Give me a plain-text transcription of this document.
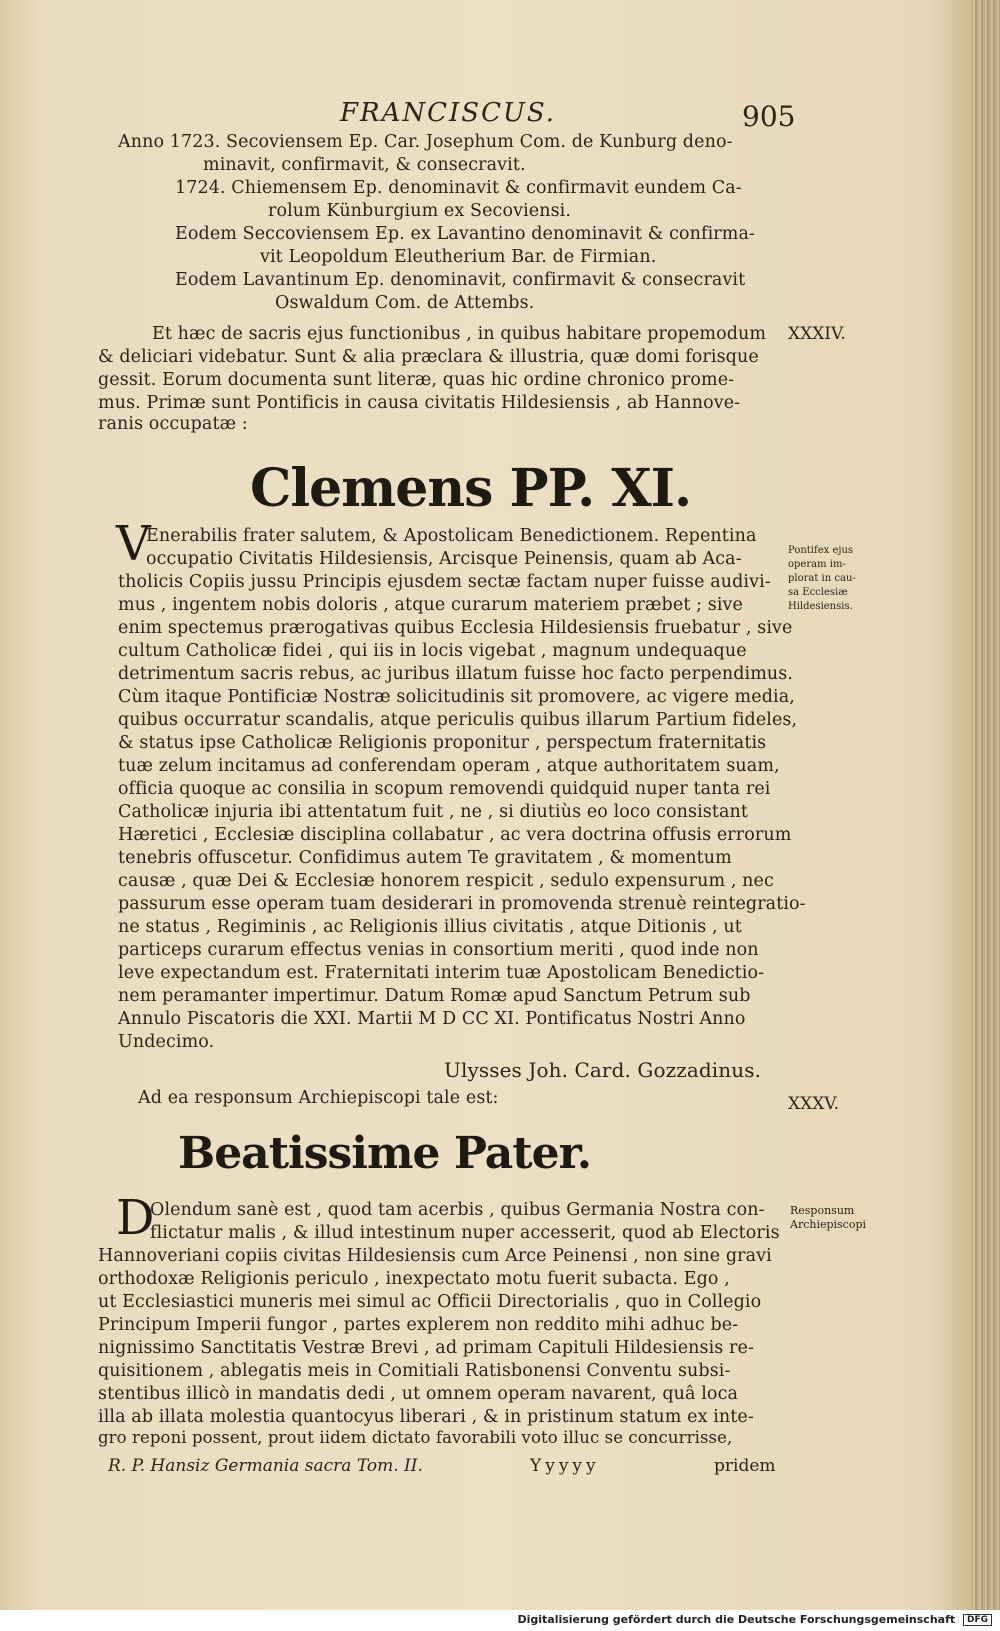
FRANCISCUS.	905
Anno 1723. Secoviensem Ep. Car. Josephum Com. de Kunburg deno-
minavit, confirmavit, & consecravit.
1724. Chiemensem Ep. denominavit & confirmavit eundem Ca-
rolum Künburgium ex Secoviensi.
Eodem Seccoviensem Ep. ex Lavantino denominavit & confirma-
vit Leopoldum Eleutherium Bar. de Firmian.
Eodem Lavantinum Ep. denominavit, confirmavit & consecravit
Oswaldum Com. de Attembs.
Et hæc de sacris ejus functionibus , in quibus habitare propemodum
& deliciari videbatur. Sunt & alia præclara & illustria, quæ domi forisque
gessit. Eorum documenta sunt literæ, quas hic ordine chronico prome-
mus. Primæ sunt Pontificis in causa civitatis Hildesiensis , ab Hannove-
ranis occupatæ :
XXXIV.
Clemens PP. XI.
V
Enerabilis frater salutem, & Apostolicam Benedictionem. Repentina
occupatio Civitatis Hildesiensis, Arcisque Peinensis, quam ab Aca-
tholicis Copiis jussu Principis ejusdem sectæ factam nuper fuisse audivi-
mus , ingentem nobis doloris , atque curarum materiem præbet ; sive
enim spectemus prærogativas quibus Ecclesia Hildesiensis fruebatur , sive
cultum Catholicæ fidei , qui iis in locis vigebat , magnum undequaque
detrimentum sacris rebus, ac juribus illatum fuisse hoc facto perpendimus.
Cùm itaque Pontificiæ Nostræ solicitudinis sit promovere, ac vigere media,
quibus occurratur scandalis, atque periculis quibus illarum Partium fideles,
& status ipse Catholicæ Religionis proponitur , perspectum fraternitatis
tuæ zelum incitamus ad conferendam operam , atque authoritatem suam,
officia quoque ac consilia in scopum removendi quidquid nuper tanta rei
Catholicæ injuria ibi attentatum fuit , ne , si diutiùs eo loco consistant
Hæretici , Ecclesiæ disciplina collabatur , ac vera doctrina offusis errorum
tenebris offuscetur. Confidimus autem Te gravitatem , & momentum
causæ , quæ Dei & Ecclesiæ honorem respicit , sedulo expensurum , nec
passurum esse operam tuam desiderari in promovenda strenuè reintegratio-
ne status , Regiminis , ac Religionis illius civitatis , atque Ditionis , ut
particeps curarum effectus venias in consortium meriti , quod inde non
leve expectandum est. Fraternitati interim tuæ Apostolicam Benedictio-
nem peramanter impertimur. Datum Romæ apud Sanctum Petrum sub
Annulo Piscatoris die XXI. Martii M D CC XI. Pontificatus Nostri Anno
Undecimo.
Ulysses Joh. Card. Gozzadinus.
Pontifex ejus
operam im-
plorat in cau-
sa Ecclesiæ
Hildesiensis.
Ad ea responsum Archiepiscopi tale est:	XXXV.
Beatissime Pater.
D
Olendum sanè est , quod tam acerbis , quibus Germania Nostra con-
flictatur malis , & illud intestinum nuper accesserit, quod ab Electoris
Hannoveriani copiis civitas Hildesiensis cum Arce Peinensi , non sine gravi
orthodoxæ Religionis periculo , inexpectato motu fuerit subacta. Ego ,
ut Ecclesiastici muneris mei simul ac Officii Directorialis , quo in Collegio
Principum Imperii fungor , partes explerem non reddito mihi adhuc be-
nignissimo Sanctitatis Vestræ Brevi , ad primam Capituli Hildesiensis re-
quisitionem , ablegatis meis in Comitiali Ratisbonensi Conventu subsi-
stentibus illicò in mandatis dedi , ut omnem operam navarent, quâ loca
illa ab illata molestia quantocyus liberari , & in pristinum statum ex inte-
gro reponi possent, prout iidem dictato favorabili voto illuc se concurrisse,
Responsum
Archiepiscopi
R. P. Hansiz Germania sacra Tom. II.	Yyyyy	pridem
Digitalisierung gefördert durch die Deutsche Forschungsgemeinschaft DFG
